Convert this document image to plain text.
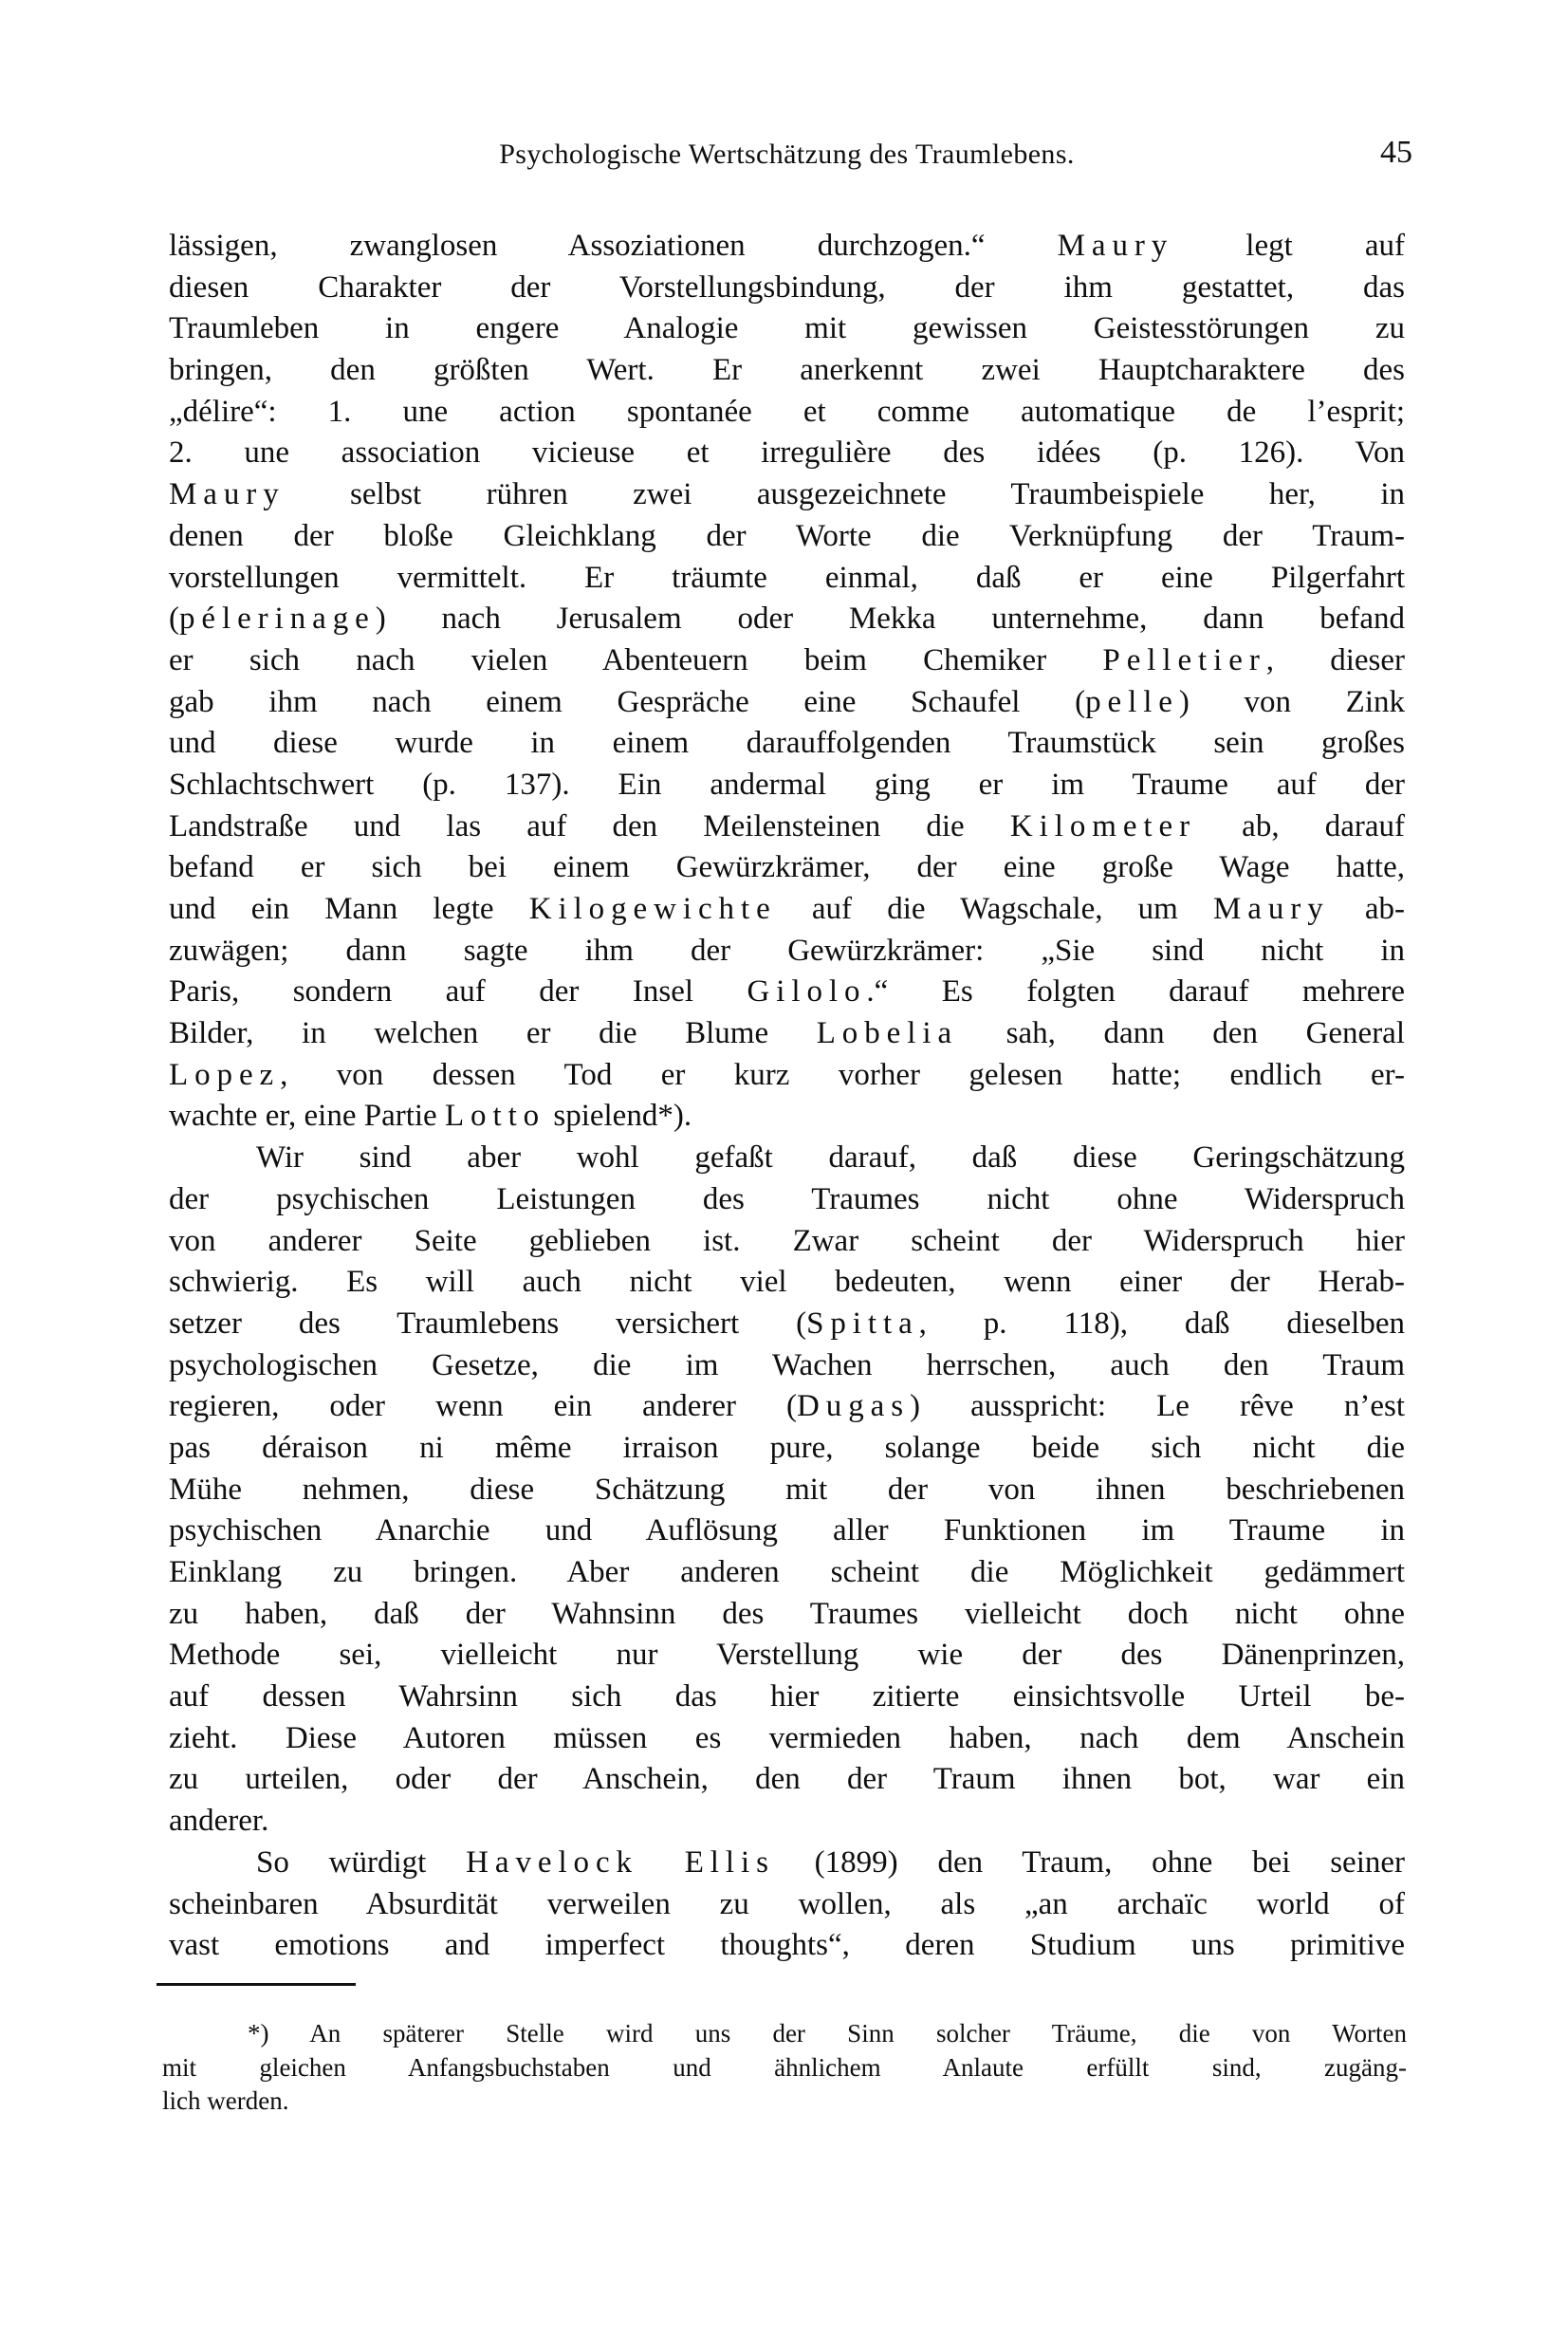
Psychologische Wertschätzung des Traumlebens.	45
lässigen, zwanglosen Assoziationen durchzogen.“ Maury legt auf
diesen Charakter der Vorstellungsbindung, der ihm gestattet, das
Traumleben in engere Analogie mit gewissen Geistesstörungen zu
bringen, den größten Wert. Er anerkennt zwei Hauptcharaktere des
„délire“: 1. une action spontanée et comme automatique de l’esprit;
2. une association vicieuse et irregulière des idées (p. 126). Von
Maury selbst rühren zwei ausgezeichnete Traumbeispiele her, in
denen der bloße Gleichklang der Worte die Verknüpfung der Traum-
vorstellungen vermittelt. Er träumte einmal, daß er eine Pilgerfahrt
(pélerinage) nach Jerusalem oder Mekka unternehme, dann befand
er sich nach vielen Abenteuern beim Chemiker Pelletier, dieser
gab ihm nach einem Gespräche eine Schaufel (pelle) von Zink
und diese wurde in einem darauffolgenden Traumstück sein großes
Schlachtschwert (p. 137). Ein andermal ging er im Traume auf der
Landstraße und las auf den Meilensteinen die Kilometer ab, darauf
befand er sich bei einem Gewürzkrämer, der eine große Wage hatte,
und ein Mann legte Kilogewichte auf die Wagschale, um Maury ab-
zuwägen; dann sagte ihm der Gewürzkrämer: „Sie sind nicht in
Paris, sondern auf der Insel Gilolo.“ Es folgten darauf mehrere
Bilder, in welchen er die Blume Lobelia sah, dann den General
Lopez, von dessen Tod er kurz vorher gelesen hatte; endlich er-
wachte er, eine Partie Lotto spielend*).
Wir sind aber wohl gefaßt darauf, daß diese Geringschätzung
der psychischen Leistungen des Traumes nicht ohne Widerspruch
von anderer Seite geblieben ist. Zwar scheint der Widerspruch hier
schwierig. Es will auch nicht viel bedeuten, wenn einer der Herab-
setzer des Traumlebens versichert (Spitta, p. 118), daß dieselben
psychologischen Gesetze, die im Wachen herrschen, auch den Traum
regieren, oder wenn ein anderer (Dugas) ausspricht: Le rêve n’est
pas déraison ni même irraison pure, solange beide sich nicht die
Mühe nehmen, diese Schätzung mit der von ihnen beschriebenen
psychischen Anarchie und Auflösung aller Funktionen im Traume in
Einklang zu bringen. Aber anderen scheint die Möglichkeit gedämmert
zu haben, daß der Wahnsinn des Traumes vielleicht doch nicht ohne
Methode sei, vielleicht nur Verstellung wie der des Dänenprinzen,
auf dessen Wahrsinn sich das hier zitierte einsichtsvolle Urteil be-
zieht. Diese Autoren müssen es vermieden haben, nach dem Anschein
zu urteilen, oder der Anschein, den der Traum ihnen bot, war ein
anderer.
So würdigt Havelock Ellis (1899) den Traum, ohne bei seiner
scheinbaren Absurdität verweilen zu wollen, als „an archaïc world of
vast emotions and imperfect thoughts“, deren Studium uns primitive
*) An späterer Stelle wird uns der Sinn solcher Träume, die von Worten
mit gleichen Anfangsbuchstaben und ähnlichem Anlaute erfüllt sind, zugäng-
lich werden.
